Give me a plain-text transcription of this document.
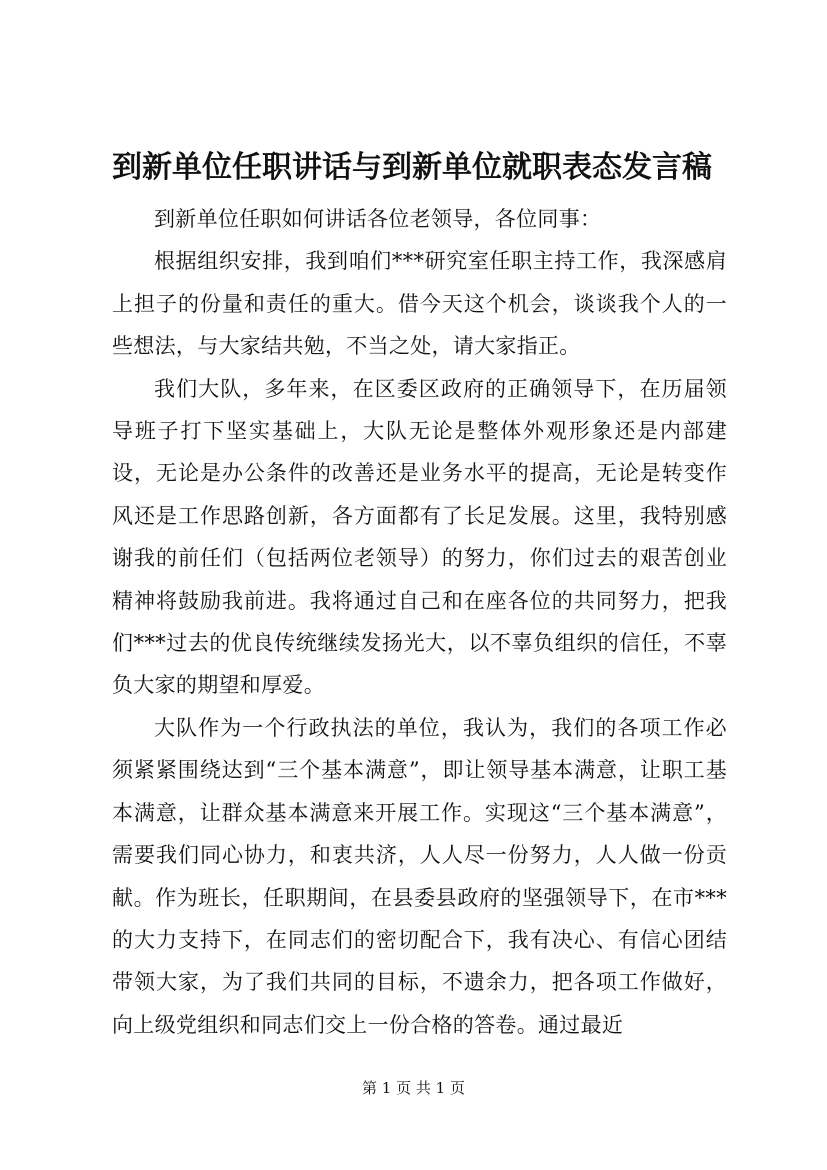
到新单位任职讲话与到新单位就职表态发言稿

到新单位任职如何讲话各位老领导，各位同事：

根据组织安排，我到咱们***研究室任职主持工作，我深感肩上担子的份量和责任的重大。借今天这个机会，谈谈我个人的一些想法，与大家结共勉，不当之处，请大家指正。

我们大队，多年来，在区委区政府的正确领导下，在历届领导班子打下坚实基础上，大队无论是整体外观形象还是内部建设，无论是办公条件的改善还是业务水平的提高，无论是转变作风还是工作思路创新，各方面都有了长足发展。这里，我特别感谢我的前任们（包括两位老领导）的努力，你们过去的艰苦创业精神将鼓励我前进。我将通过自己和在座各位的共同努力，把我们***过去的优良传统继续发扬光大，以不辜负组织的信任，不辜负大家的期望和厚爱。

大队作为一个行政执法的单位，我认为，我们的各项工作必须紧紧围绕达到“三个基本满意”，即让领导基本满意，让职工基本满意，让群众基本满意来开展工作。实现这“三个基本满意”，需要我们同心协力，和衷共济，人人尽一份努力，人人做一份贡献。作为班长，任职期间，在县委县政府的坚强领导下，在市***的大力支持下，在同志们的密切配合下，我有决心、有信心团结带领大家，为了我们共同的目标，不遗余力，把各项工作做好，向上级党组织和同志们交上一份合格的答卷。通过最近

第 1 页 共 1 页
